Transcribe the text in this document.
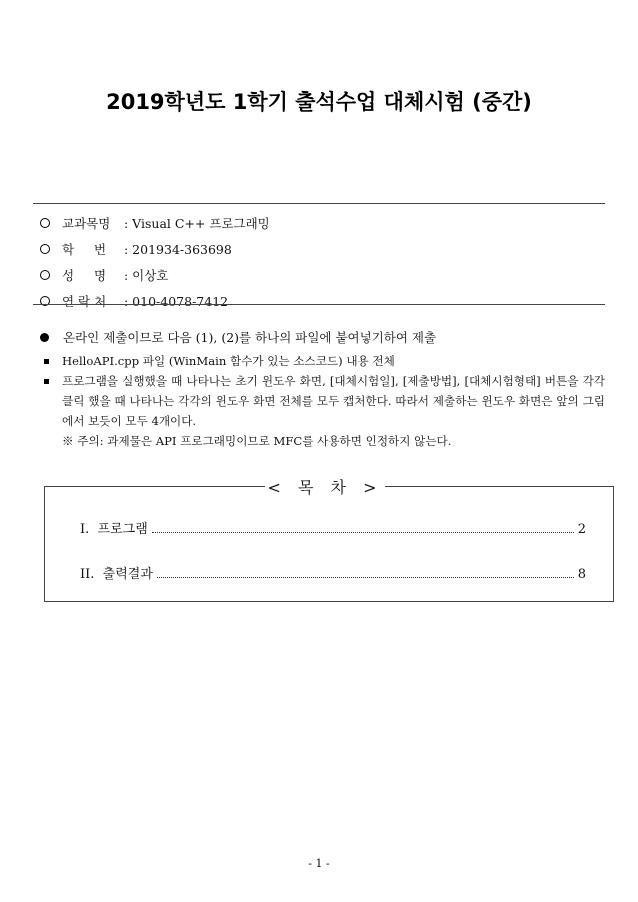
2019학년도 1학기 출석수업 대체시험 (중간)
교과목명	: Visual C++ 프로그래밍
학     번	: 201934-363698
성     명	: 이상호
연 락 처	: 010-4078-7412
온라인 제출이므로 다음 (1), (2)를 하나의 파일에 붙여넣기하여 제출
HelloAPI.cpp 파일 (WinMain 함수가 있는 소스코드) 내용 전체
프로그램을 실행했을 때 나타나는 초기 윈도우 화면, [대체시험일], [제출방법], [대체시험형태] 버튼을 각각 클릭 했을 때 나타나는 각각의 윈도우 화면 전체를 모두 캡처한다. 따라서 제출하는 윈도우 화면은 앞의 그림에서 보듯이 모두 4개이다.
※ 주의: 과제물은 API 프로그래밍이므로 MFC를 사용하면 인정하지 않는다.
< 목 차 >
I.  프로그램	2
II.  출력결과	8
- 1 -
